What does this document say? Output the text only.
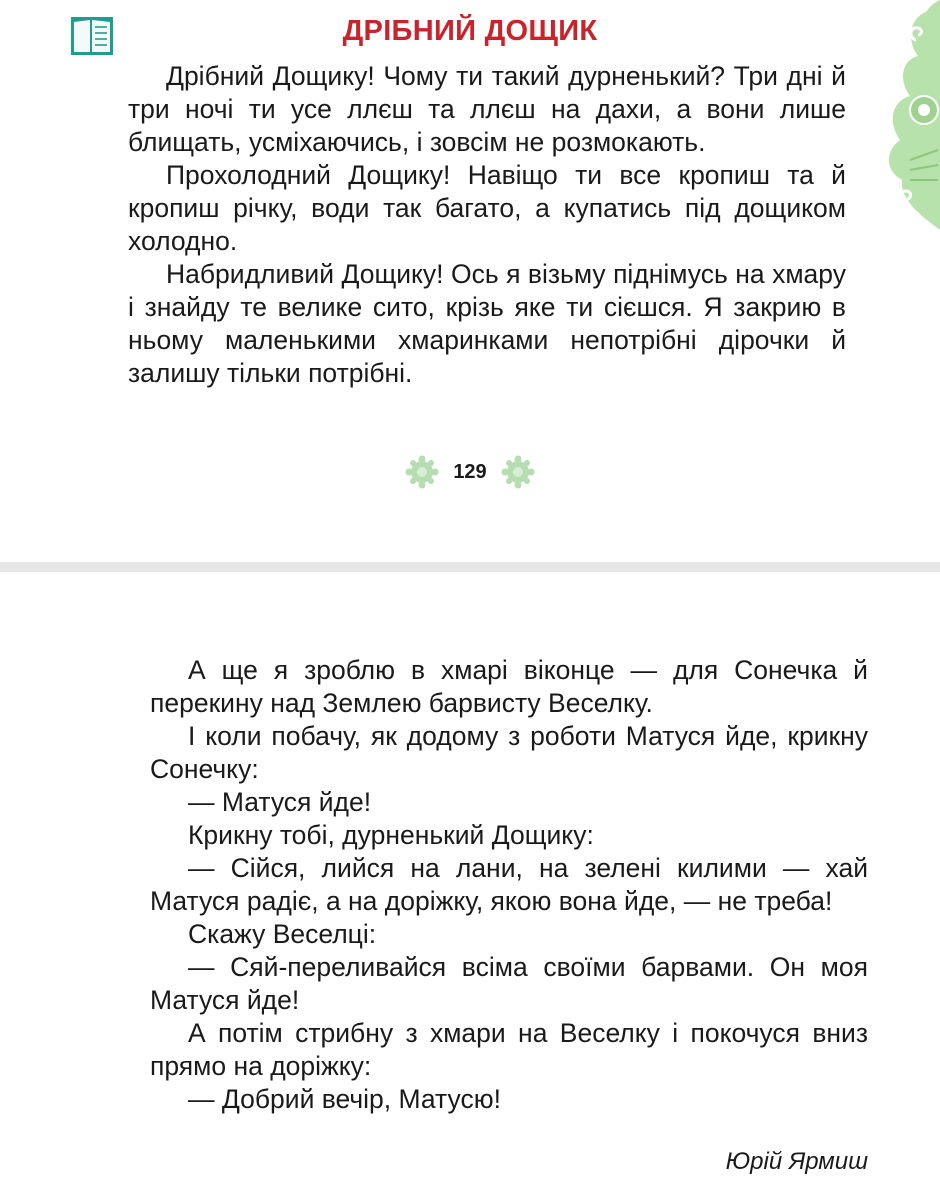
ДРІБНИЙ ДОЩИК

Дрібний Дощику! Чому ти такий дурненький? Три дні й три ночі ти усе ллєш та ллєш на дахи, а вони лише блищать, усміхаючись, і зовсім не розмокають.

Прохолодний Дощику! Навіщо ти все кропиш та й кропиш річку, води так багато, а купатись під дощиком холодно.

Набридливий Дощику! Ось я візьму піднімусь на хмару і знайду те велике сито, крізь яке ти сієшся. Я закрию в ньому маленькими хмаринками непотрібні дірочки й залишу тільки потрібні.

129

А ще я зроблю в хмарі віконце — для Сонечка й перекину над Землею барвисту Веселку.

І коли побачу, як додому з роботи Матуся йде, крикну Сонечку:

— Матуся йде!

Крикну тобі, дурненький Дощику:

— Сійся, лийся на лани, на зелені килими — хай Матуся радіє, а на доріжку, якою вона йде, — не треба!

Скажу Веселці:

— Сяй-переливайся всіма своїми барвами. Он моя Матуся йде!

А потім стрибну з хмари на Веселку і покочуся вниз прямо на доріжку:

— Добрий вечір, Матусю!

Юрій Ярмиш
